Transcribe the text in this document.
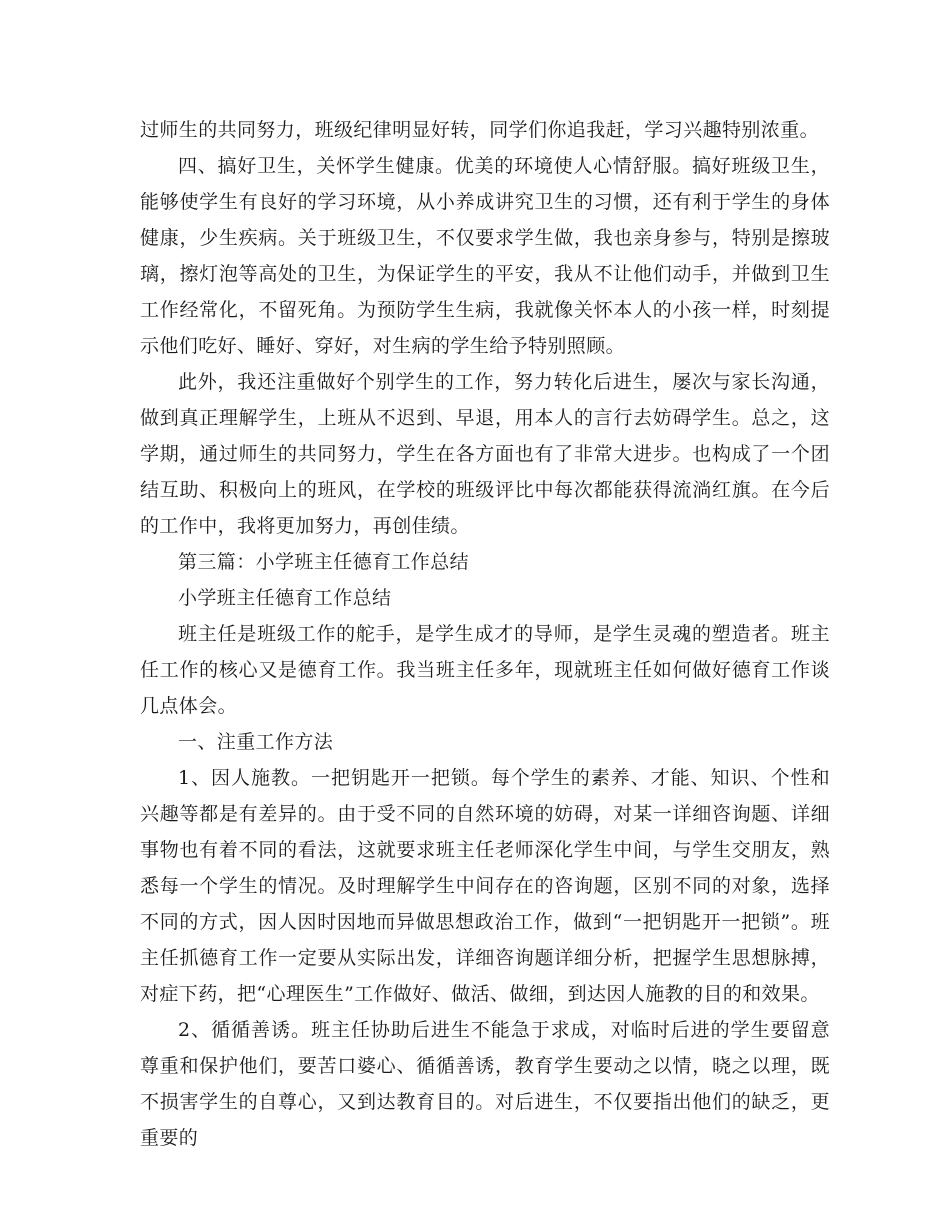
过师生的共同努力，班级纪律明显好转，同学们你追我赶，学习兴趣特别浓重。

四、搞好卫生，关怀学生健康。优美的环境使人心情舒服。搞好班级卫生，能够使学生有良好的学习环境，从小养成讲究卫生的习惯，还有利于学生的身体健康，少生疾病。关于班级卫生，不仅要求学生做，我也亲身参与，特别是擦玻璃，擦灯泡等高处的卫生，为保证学生的平安，我从不让他们动手，并做到卫生工作经常化，不留死角。为预防学生生病，我就像关怀本人的小孩一样，时刻提示他们吃好、睡好、穿好，对生病的学生给予特别照顾。

此外，我还注重做好个别学生的工作，努力转化后进生，屡次与家长沟通，做到真正理解学生，上班从不迟到、早退，用本人的言行去妨碍学生。总之，这学期，通过师生的共同努力，学生在各方面也有了非常大进步。也构成了一个团结互助、积极向上的班风，在学校的班级评比中每次都能获得流淌红旗。在今后的工作中，我将更加努力，再创佳绩。

第三篇：小学班主任德育工作总结

小学班主任德育工作总结

班主任是班级工作的舵手，是学生成才的导师，是学生灵魂的塑造者。班主任工作的核心又是德育工作。我当班主任多年，现就班主任如何做好德育工作谈几点体会。

一、注重工作方法

1、因人施教。一把钥匙开一把锁。每个学生的素养、才能、知识、个性和兴趣等都是有差异的。由于受不同的自然环境的妨碍，对某一详细咨询题、详细事物也有着不同的看法，这就要求班主任老师深化学生中间，与学生交朋友，熟悉每一个学生的情况。及时理解学生中间存在的咨询题，区别不同的对象，选择不同的方式，因人因时因地而异做思想政治工作，做到“一把钥匙开一把锁”。班主任抓德育工作一定要从实际出发，详细咨询题详细分析，把握学生思想脉搏，对症下药，把“心理医生”工作做好、做活、做细，到达因人施教的目的和效果。

2、循循善诱。班主任协助后进生不能急于求成，对临时后进的学生要留意尊重和保护他们，要苦口婆心、循循善诱，教育学生要动之以情，晓之以理，既不损害学生的自尊心，又到达教育目的。对后进生，不仅要指出他们的缺乏，更重要的
